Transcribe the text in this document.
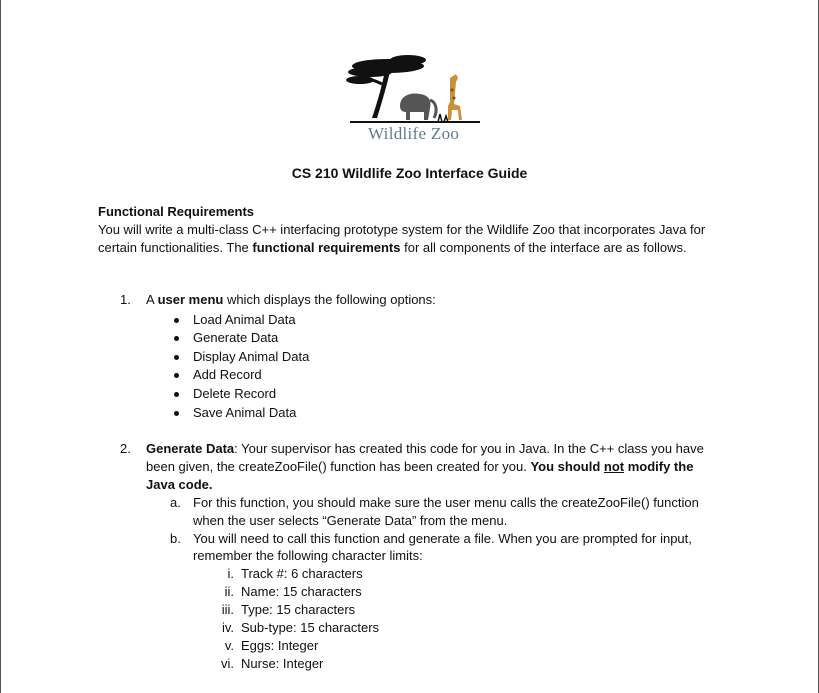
Wildlife Zoo
CS 210 Wildlife Zoo Interface Guide
Functional Requirements

You will write a multi-class C++ interfacing prototype system for the Wildlife Zoo that incorporates Java for certain functionalities. The functional requirements for all components of the interface are as follows.

1. A user menu which displays the following options:
Load Animal Data
Generate Data
Display Animal Data
Add Record
Delete Record
Save Animal Data
2. Generate Data: Your supervisor has created this code for you in Java. In the C++ class you have been given, the createZooFile() function has been created for you. You should not modify the Java code.
a. For this function, you should make sure the user menu calls the createZooFile() function when the user selects “Generate Data” from the menu.
b. You will need to call this function and generate a file. When you are prompted for input, remember the following character limits:
i. Track #: 6 characters
ii. Name: 15 characters
iii. Type: 15 characters
iv. Sub-type: 15 characters
v. Eggs: Integer
vi. Nurse: Integer
